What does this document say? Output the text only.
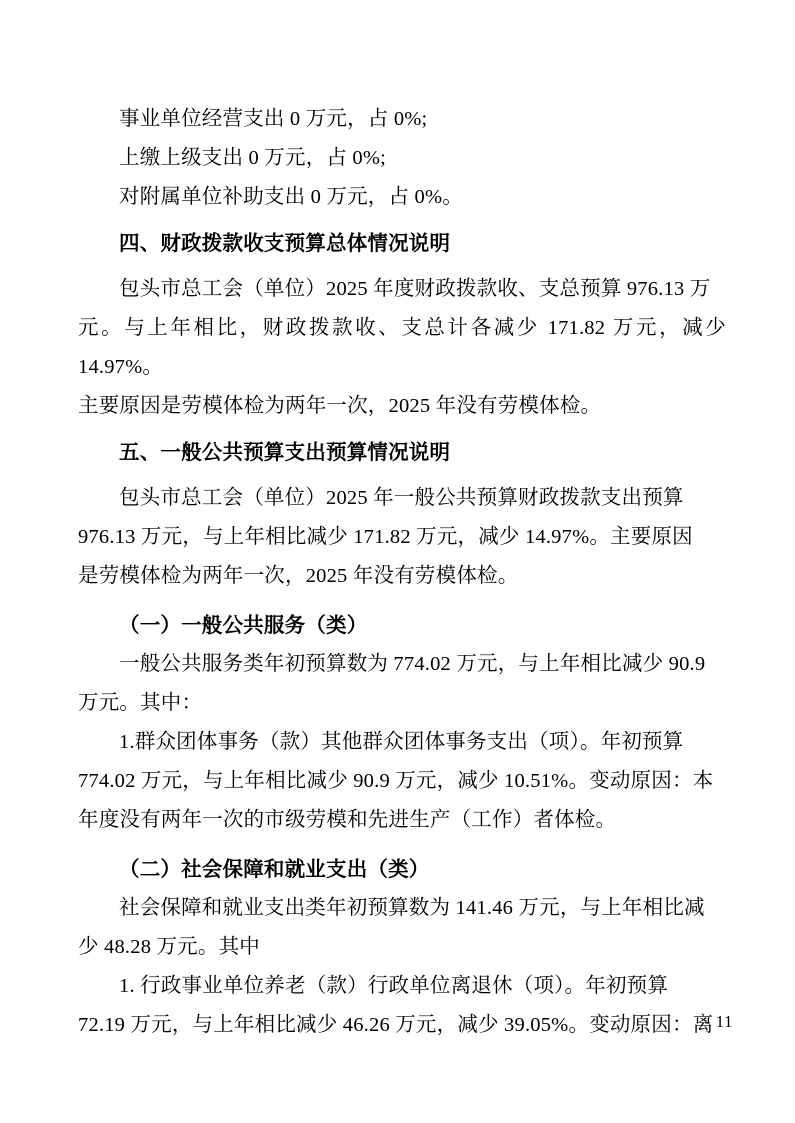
事业单位经营支出 0 万元，占 0%;
上缴上级支出 0 万元，占 0%;
对附属单位补助支出 0 万元，占 0%。
四、财政拨款收支预算总体情况说明
包头市总工会（单位）2025 年度财政拨款收、支总预算 976.13 万
元。与上年相比，财政拨款收、支总计各减少 171.82 万元，减少 14.97%。
主要原因是劳模体检为两年一次，2025 年没有劳模体检。
五、一般公共预算支出预算情况说明
包头市总工会（单位）2025 年一般公共预算财政拨款支出预算
976.13 万元，与上年相比减少 171.82 万元，减少 14.97%。主要原因
是劳模体检为两年一次，2025 年没有劳模体检。
（一）一般公共服务（类）
一般公共服务类年初预算数为 774.02 万元，与上年相比减少 90.9
万元。其中：
1.群众团体事务（款）其他群众团体事务支出（项）。年初预算
774.02 万元，与上年相比减少 90.9 万元，减少 10.51%。变动原因：本
年度没有两年一次的市级劳模和先进生产（工作）者体检。
（二）社会保障和就业支出（类）
社会保障和就业支出类年初预算数为 141.46 万元，与上年相比减
少 48.28 万元。其中
1. 行政事业单位养老（款）行政单位离退休（项）。年初预算
72.19 万元，与上年相比减少 46.26 万元，减少 39.05%。变动原因：离
- 11
